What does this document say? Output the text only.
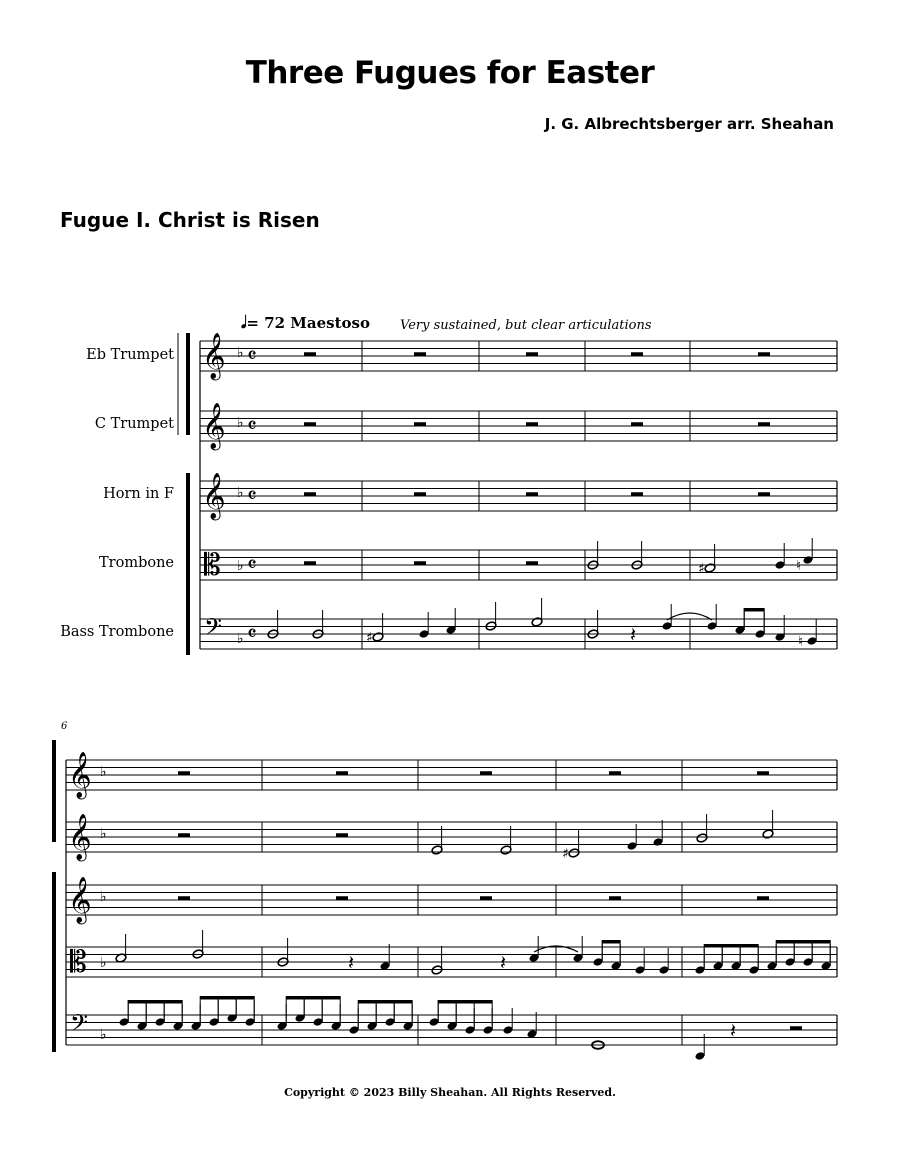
Three Fugues for Easter
J. G. Albrechtsberger arr. Sheahan
Fugue I. Christ is Risen
Eb Trumpet
C Trumpet
Horn in F
Trombone
Bass Trombone
𝅗𝅥= 72 Maestoso Very sustained, but clear articulations
6
𝄞 ♭ 𝄴
𝄞 ♭ 𝄴
𝄞 ♭ 𝄴
𝄡 ♭ 𝄴
𝄢 ♭ 𝄴
♯	♮
♯	𝄽	♮
𝄞 ♭
𝄞 ♭
𝄞 ♭
𝄡 ♭
𝄢 ♭
♯
𝄽	𝄽
𝄽
Copyright © 2023 Billy Sheahan. All Rights Reserved.
